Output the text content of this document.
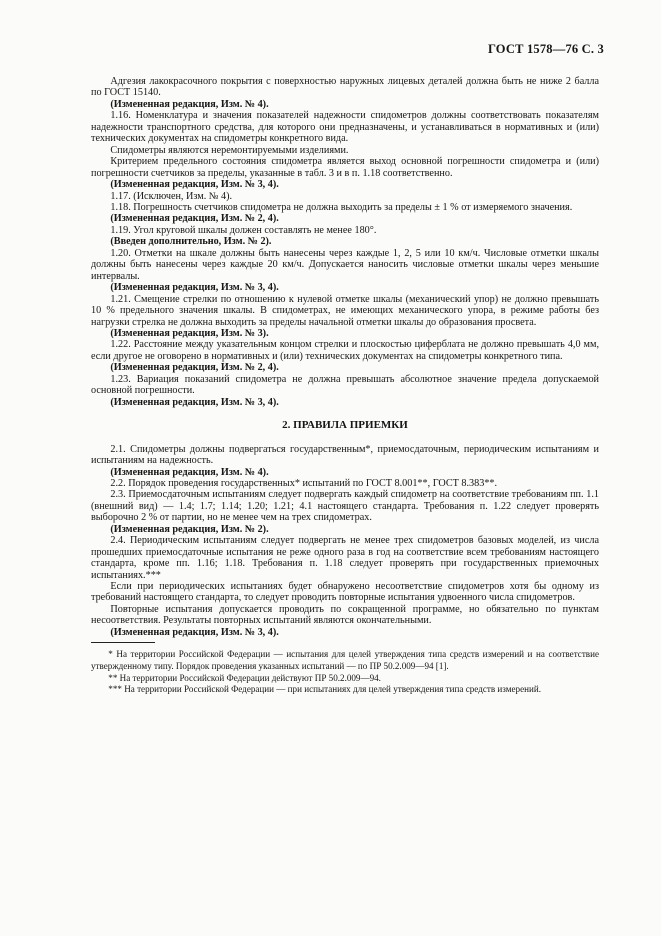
ГОСТ 1578—76 С. 3

Адгезия лакокрасочного покрытия с поверхностью наружных лицевых деталей должна быть не ниже 2 балла по ГОСТ 15140.

(Измененная редакция, Изм. № 4).

1.16. Номенклатура и значения показателей надежности спидометров должны соответствовать показателям надежности транспортного средства, для которого они предназначены, и устанавливаться в нормативных и (или) технических документах на спидометры конкретного вида.

Спидометры являются неремонтируемыми изделиями.

Критерием предельного состояния спидометра является выход основной погрешности спидометра и (или) погрешности счетчиков за пределы, указанные в табл. 3 и в п. 1.18 соответственно.

(Измененная редакция, Изм. № 3, 4).

1.17. (Исключен, Изм. № 4).

1.18. Погрешность счетчиков спидометра не должна выходить за пределы ± 1 % от измеряемого значения.

(Измененная редакция, Изм. № 2, 4).

1.19. Угол круговой шкалы должен составлять не менее 180°.

(Введен дополнительно, Изм. № 2).

1.20. Отметки на шкале должны быть нанесены через каждые 1, 2, 5 или 10 км/ч. Числовые отметки шкалы должны быть нанесены через каждые 20 км/ч. Допускается наносить числовые отметки шкалы через меньшие интервалы.

(Измененная редакция, Изм. № 3, 4).

1.21. Смещение стрелки по отношению к нулевой отметке шкалы (механический упор) не должно превышать 10 % предельного значения шкалы. В спидометрах, не имеющих механического упора, в режиме работы без нагрузки стрелка не должна выходить за пределы начальной отметки шкалы до образования просвета.

(Измененная редакция, Изм. № 3).

1.22. Расстояние между указательным концом стрелки и плоскостью циферблата не должно превышать 4,0 мм, если другое не оговорено в нормативных и (или) технических документах на спидометры конкретного типа.

(Измененная редакция, Изм. № 2, 4).

1.23. Вариация показаний спидометра не должна превышать абсолютное значение предела допускаемой основной погрешности.

(Измененная редакция, Изм. № 3, 4).

2. ПРАВИЛА ПРИЕМКИ

2.1. Спидометры должны подвергаться государственным*, приемосдаточным, периодическим испытаниям и испытаниям на надежность.

(Измененная редакция, Изм. № 4).

2.2. Порядок проведения государственных* испытаний по ГОСТ 8.001**, ГОСТ 8.383**.

2.3. Приемосдаточным испытаниям следует подвергать каждый спидометр на соответствие требованиям пп. 1.1 (внешний вид) — 1.4; 1.7; 1.14; 1.20; 1.21; 4.1 настоящего стандарта. Требования п. 1.22 следует проверять выборочно 2 % от партии, но не менее чем на трех спидометрах.

(Измененная редакция, Изм. № 2).

2.4. Периодическим испытаниям следует подвергать не менее трех спидометров базовых моделей, из числа прошедших приемосдаточные испытания не реже одного раза в год на соответствие всем требованиям настоящего стандарта, кроме пп. 1.16; 1.18. Требования п. 1.18 следует проверять при государственных приемочных испытаниях.***

Если при периодических испытаниях будет обнаружено несоответствие спидометров хотя бы одному из требований настоящего стандарта, то следует проводить повторные испытания удвоенного числа спидометров.

Повторные испытания допускается проводить по сокращенной программе, но обязательно по пунктам несоответствия. Результаты повторных испытаний являются окончательными.

(Измененная редакция, Изм. № 3, 4).

* На территории Российской Федерации — испытания для целей утверждения типа средств измерений и на соответствие утвержденному типу. Порядок проведения указанных испытаний — по ПР 50.2.009—94 [1].

** На территории Российской Федерации действуют ПР 50.2.009—94.

*** На территории Российской Федерации — при испытаниях для целей утверждения типа средств измерений.
